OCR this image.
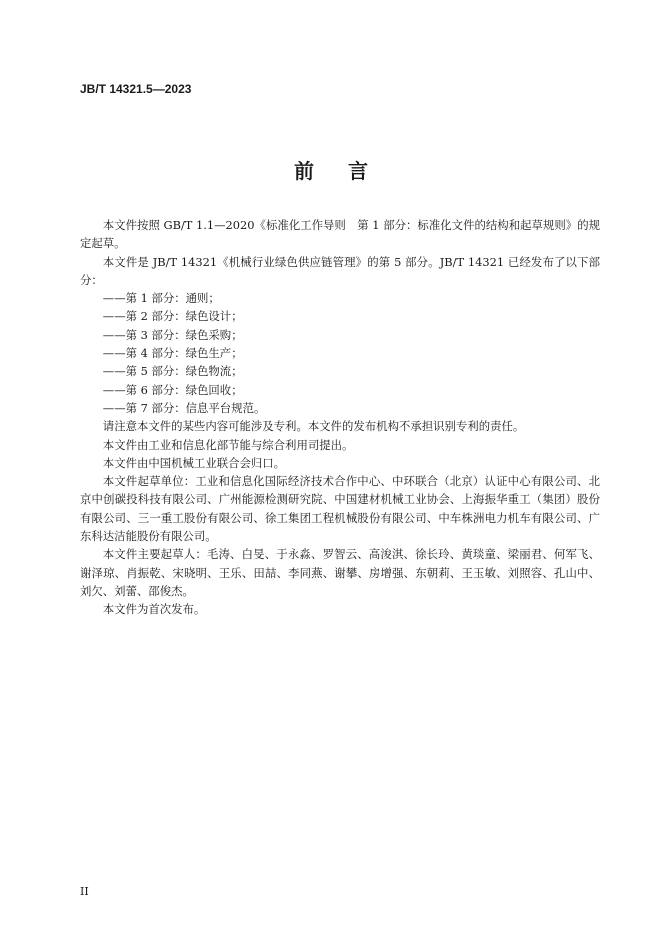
JB/T 14321.5—2023
前言

本文件按照 GB/T 1.1—2020《标准化工作导则　第 1 部分：标准化文件的结构和起草规则》的规定起草。

本文件是 JB/T 14321《机械行业绿色供应链管理》的第 5 部分。JB/T 14321 已经发布了以下部分：

——第 1 部分：通则；

——第 2 部分：绿色设计；

——第 3 部分：绿色采购；

——第 4 部分：绿色生产；

——第 5 部分：绿色物流；

——第 6 部分：绿色回收；

——第 7 部分：信息平台规范。

请注意本文件的某些内容可能涉及专利。本文件的发布机构不承担识别专利的责任。

本文件由工业和信息化部节能与综合利用司提出。

本文件由中国机械工业联合会归口。

本文件起草单位：工业和信息化国际经济技术合作中心、中环联合（北京）认证中心有限公司、北京中创碳投科技有限公司、广州能源检测研究院、中国建材机械工业协会、上海振华重工（集团）股份有限公司、三一重工股份有限公司、徐工集团工程机械股份有限公司、中车株洲电力机车有限公司、广东科达洁能股份有限公司。

本文件主要起草人：毛涛、白旻、于永淼、罗智云、高浚淇、徐长玲、黄琰童、梁丽君、何军飞、谢泽琼、肖振乾、宋晓明、王乐、田喆、李同燕、谢攀、房增强、东朝莉、王玉敏、刘照容、孔山中、刘欠、刘蕾、邵俊杰。

本文件为首次发布。

II
